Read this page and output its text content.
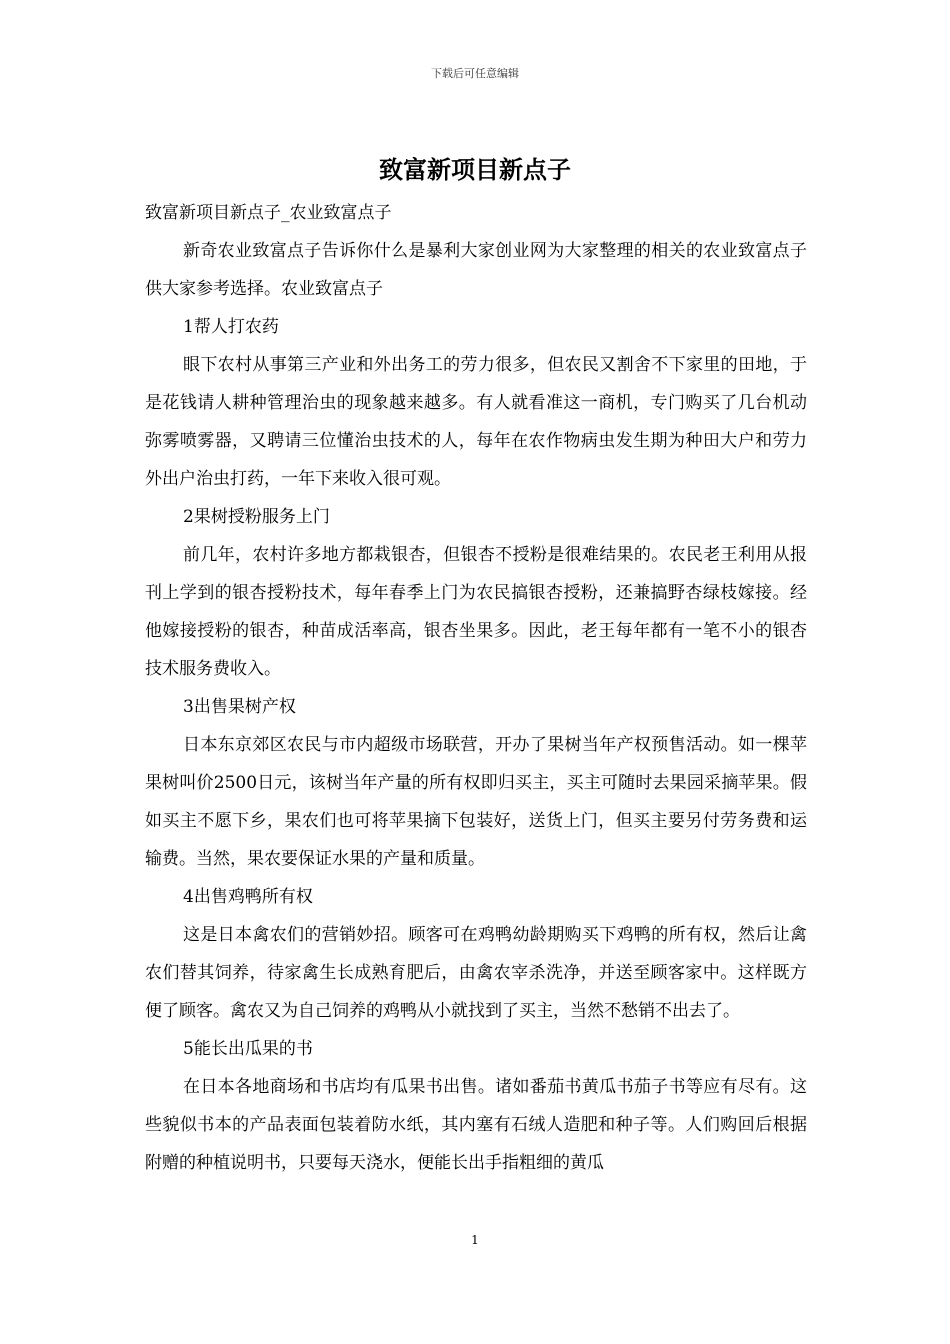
下载后可任意编辑
致富新项目新点子

致富新项目新点子_农业致富点子

新奇农业致富点子告诉你什么是暴利大家创业网为大家整理的相关的农业致富点子供大家参考选择。农业致富点子

1帮人打农药

眼下农村从事第三产业和外出务工的劳力很多，但农民又割舍不下家里的田地，于是花钱请人耕种管理治虫的现象越来越多。有人就看准这一商机，专门购买了几台机动弥雾喷雾器，又聘请三位懂治虫技术的人，每年在农作物病虫发生期为种田大户和劳力外出户治虫打药，一年下来收入很可观。

2果树授粉服务上门

前几年，农村许多地方都栽银杏，但银杏不授粉是很难结果的。农民老王利用从报刊上学到的银杏授粉技术，每年春季上门为农民搞银杏授粉，还兼搞野杏绿枝嫁接。经他嫁接授粉的银杏，种苗成活率高，银杏坐果多。因此，老王每年都有一笔不小的银杏技术服务费收入。

3出售果树产权

日本东京郊区农民与市内超级市场联营，开办了果树当年产权预售活动。如一棵苹果树叫价2500日元，该树当年产量的所有权即归买主，买主可随时去果园采摘苹果。假如买主不愿下乡，果农们也可将苹果摘下包装好，送货上门，但买主要另付劳务费和运输费。当然，果农要保证水果的产量和质量。

4出售鸡鸭所有权

这是日本禽农们的营销妙招。顾客可在鸡鸭幼龄期购买下鸡鸭的所有权，然后让禽农们替其饲养，待家禽生长成熟育肥后，由禽农宰杀洗净，并送至顾客家中。这样既方便了顾客。禽农又为自己饲养的鸡鸭从小就找到了买主，当然不愁销不出去了。

5能长出瓜果的书

在日本各地商场和书店均有瓜果书出售。诸如番茄书黄瓜书茄子书等应有尽有。这些貌似书本的产品表面包装着防水纸，其内塞有石绒人造肥和种子等。人们购回后根据附赠的种植说明书，只要每天浇水，便能长出手指粗细的黄瓜

1
